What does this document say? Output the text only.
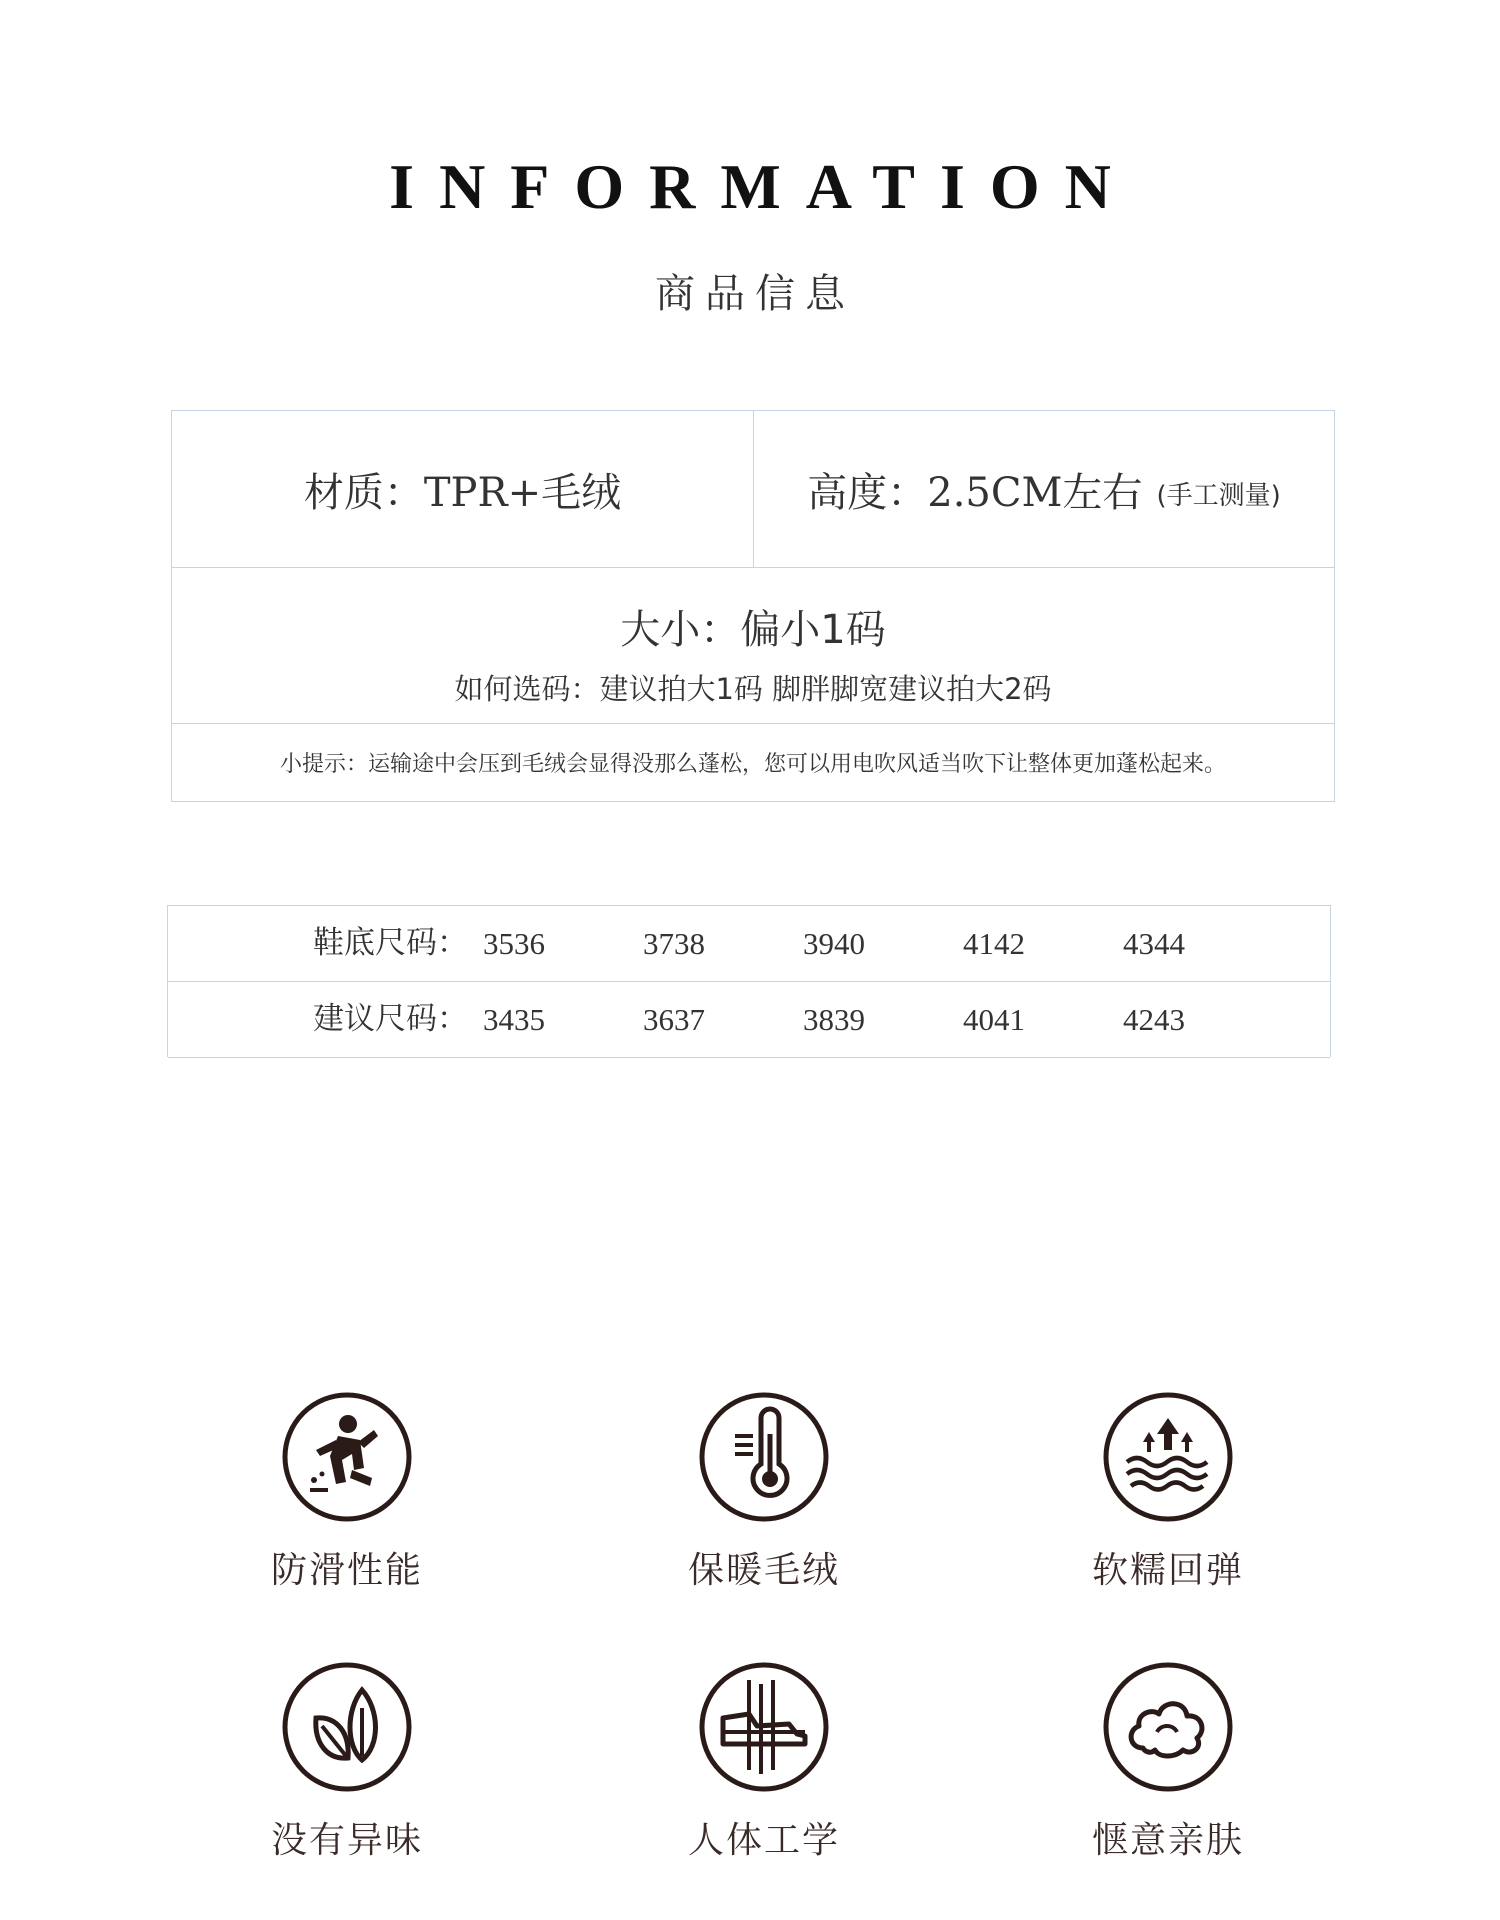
INFORMATION
商品信息
材质： TPR+毛绒	高度： 2.5CM左右 (手工测量)
大小：偏小1码
如何选码：建议拍大1码 脚胖脚宽建议拍大2码
小提示：运输途中会压到毛绒会显得没那么蓬松，您可以用电吹风适当吹下让整体更加蓬松起来。
鞋底尺码： 3536	3738	3940	4142	4344
建议尺码： 3435	3637	3839	4041	4243
防滑性能	保暖毛绒	软糯回弹
没有异味	人体工学	惬意亲肤
